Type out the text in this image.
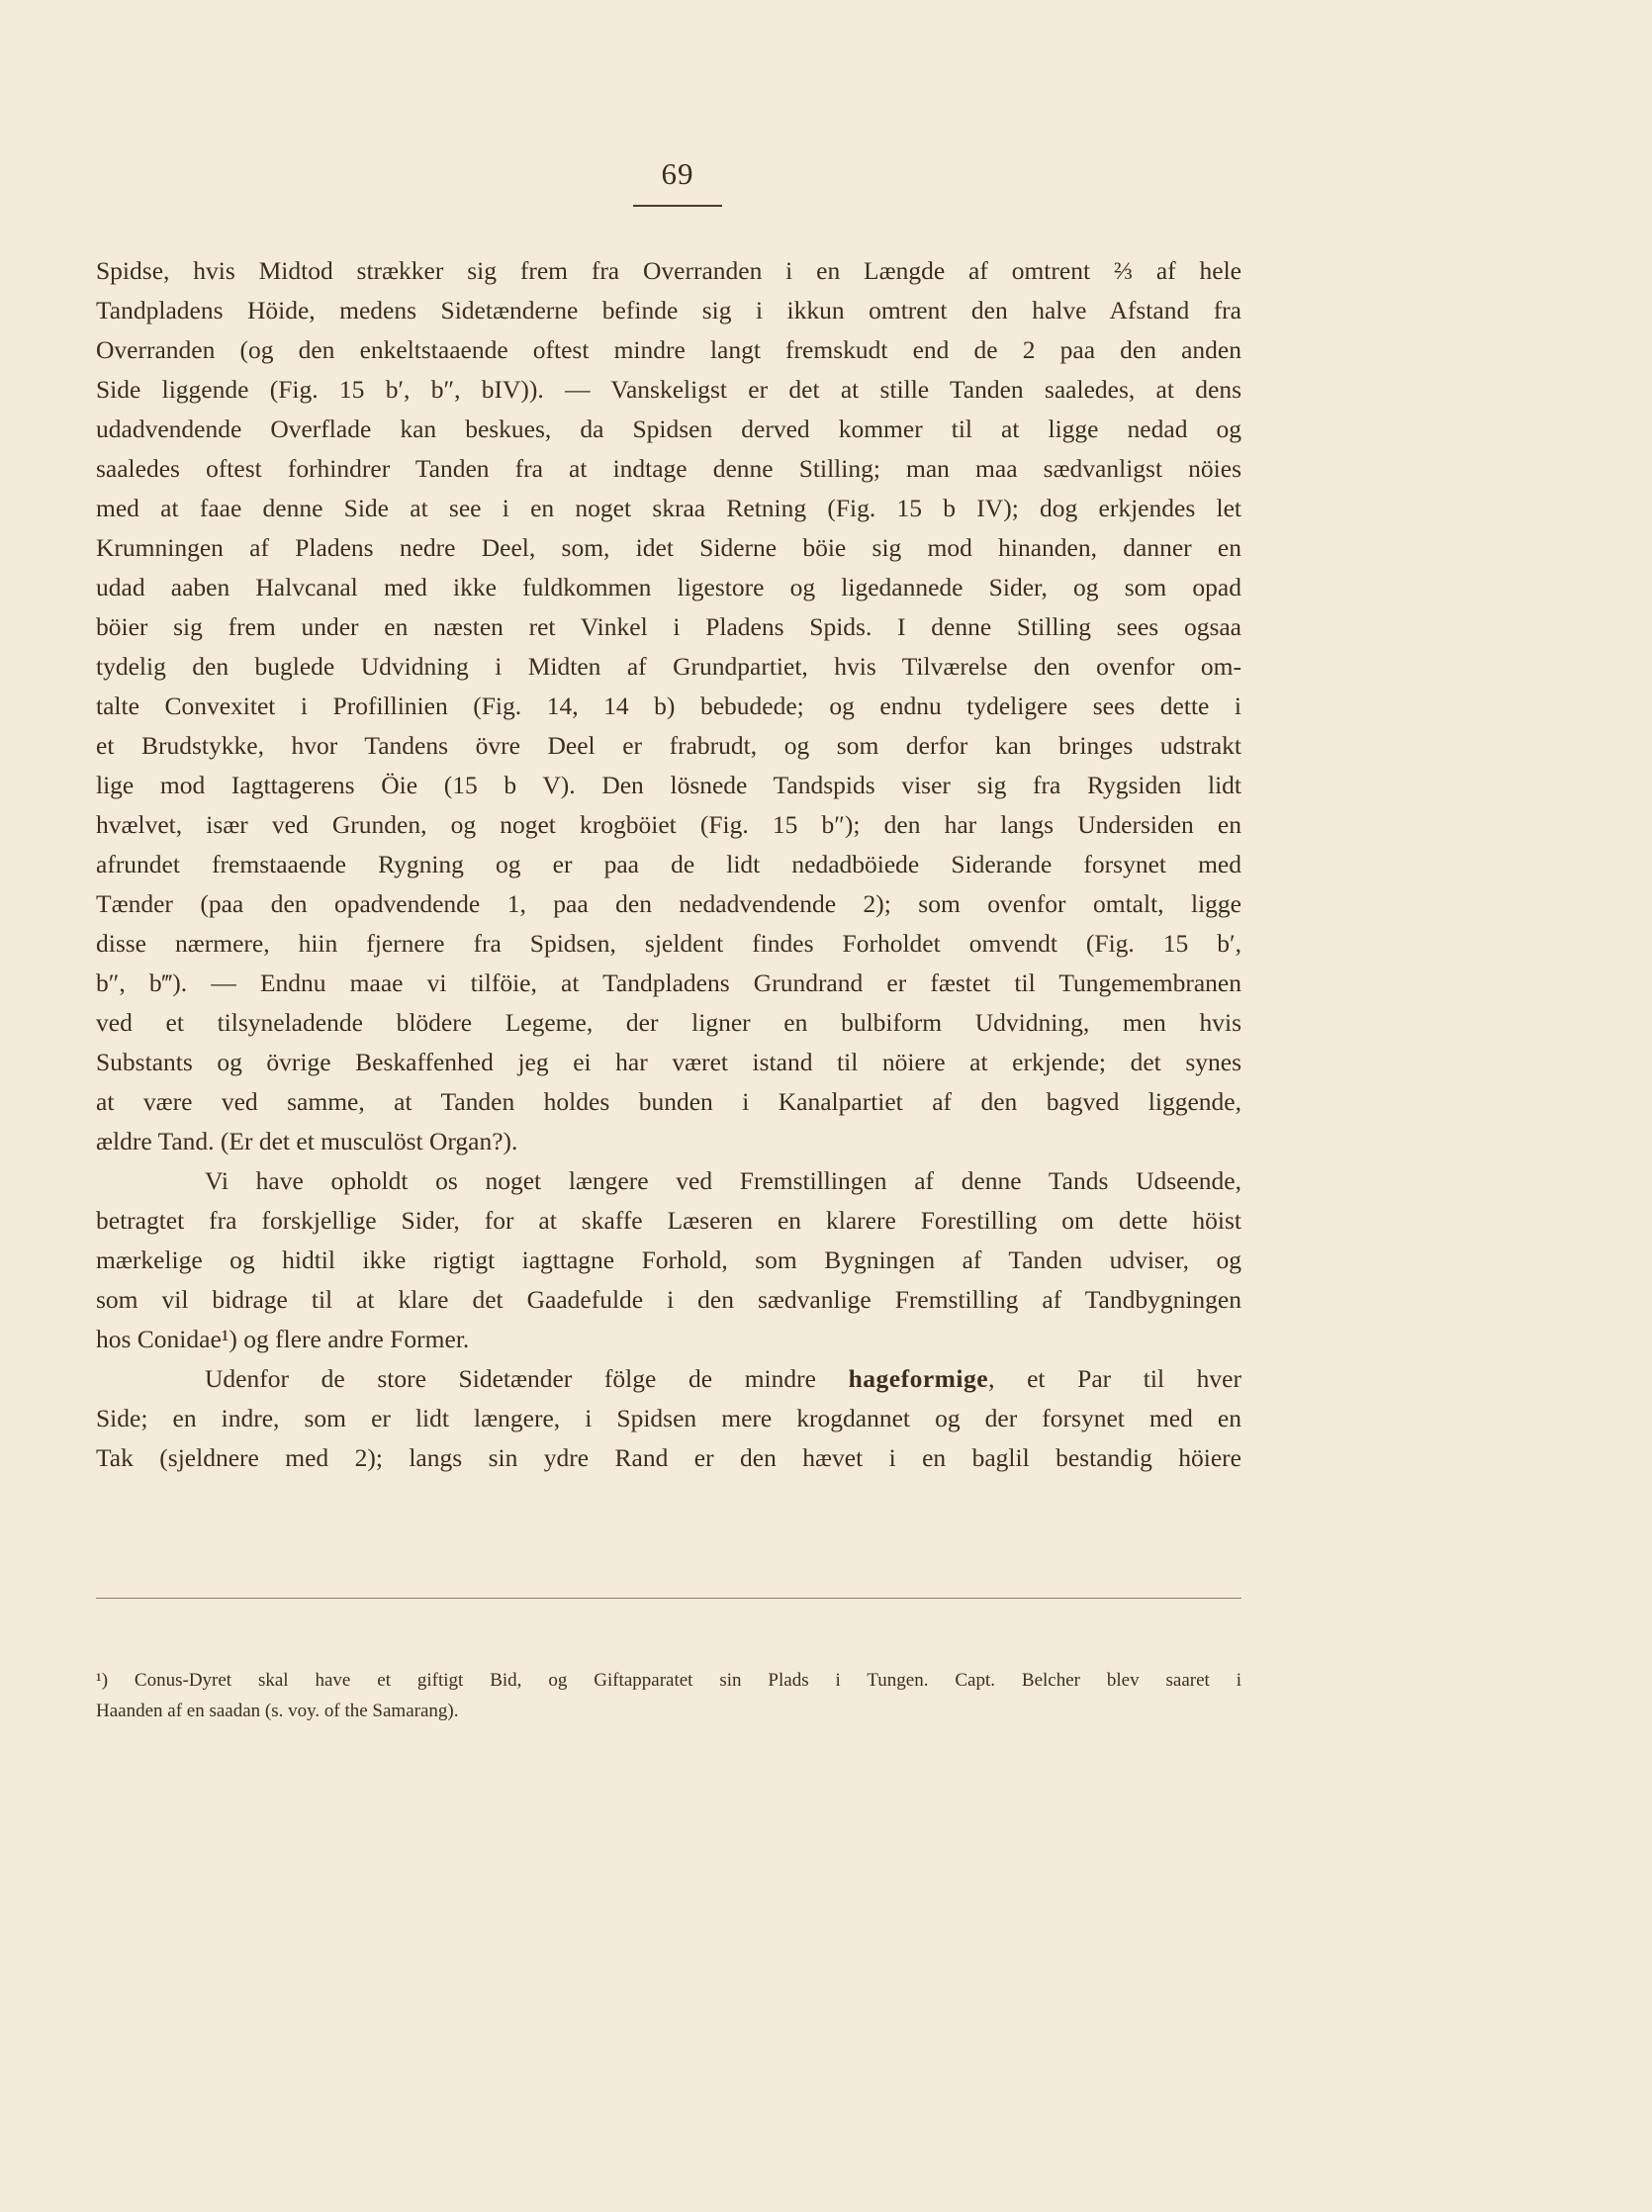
69
Spidse, hvis Midtod strækker sig frem fra Overranden i en Længde af omtrent ⅔ af hele
Tandpladens Höide, medens Sidetænderne befinde sig i ikkun omtrent den halve Afstand fra
Overranden (og den enkeltstaaende oftest mindre langt fremskudt end de 2 paa den anden
Side liggende (Fig. 15 b′, b″, bIV)). — Vanskeligst er det at stille Tanden saaledes, at dens
udadvendende Overflade kan beskues, da Spidsen derved kommer til at ligge nedad og
saaledes oftest forhindrer Tanden fra at indtage denne Stilling; man maa sædvanligst nöies
med at faae denne Side at see i en noget skraa Retning (Fig. 15 b IV); dog erkjendes let
Krumningen af Pladens nedre Deel, som, idet Siderne böie sig mod hinanden, danner en
udad aaben Halvcanal med ikke fuldkommen ligestore og ligedannede Sider, og som opad
böier sig frem under en næsten ret Vinkel i Pladens Spids. I denne Stilling sees ogsaa
tydelig den buglede Udvidning i Midten af Grundpartiet, hvis Tilværelse den ovenfor om-
talte Convexitet i Profillinien (Fig. 14, 14 b) bebudede; og endnu tydeligere sees dette i
et Brudstykke, hvor Tandens övre Deel er frabrudt, og som derfor kan bringes udstrakt
lige mod Iagttagerens Öie (15 b V). Den lösnede Tandspids viser sig fra Rygsiden lidt
hvælvet, især ved Grunden, og noget krogböiet (Fig. 15 b″); den har langs Undersiden en
afrundet fremstaaende Rygning og er paa de lidt nedadböiede Siderande forsynet med
Tænder (paa den opadvendende 1, paa den nedadvendende 2); som ovenfor omtalt, ligge
disse nærmere, hiin fjernere fra Spidsen, sjeldent findes Forholdet omvendt (Fig. 15 b′,
b″, b‴). — Endnu maae vi tilföie, at Tandpladens Grundrand er fæstet til Tungemembranen
ved et tilsyneladende blödere Legeme, der ligner en bulbiform Udvidning, men hvis
Substants og övrige Beskaffenhed jeg ei har været istand til nöiere at erkjende; det synes
at være ved samme, at Tanden holdes bunden i Kanalpartiet af den bagved liggende,
ældre Tand. (Er det et musculöst Organ?).
Vi have opholdt os noget længere ved Fremstillingen af denne Tands Udseende,
betragtet fra forskjellige Sider, for at skaffe Læseren en klarere Forestilling om dette höist
mærkelige og hidtil ikke rigtigt iagttagne Forhold, som Bygningen af Tanden udviser, og
som vil bidrage til at klare det Gaadefulde i den sædvanlige Fremstilling af Tandbygningen
hos Conidae¹) og flere andre Former.
Udenfor de store Sidetænder fölge de mindre hageformige, et Par til hver
Side; en indre, som er lidt længere, i Spidsen mere krogdannet og der forsynet med en
Tak (sjeldnere med 2); langs sin ydre Rand er den hævet i en baglil bestandig höiere
¹) Conus-Dyret skal have et giftigt Bid, og Giftapparatet sin Plads i Tungen. Capt. Belcher blev saaret i
Haanden af en saadan (s. voy. of the Samarang).
